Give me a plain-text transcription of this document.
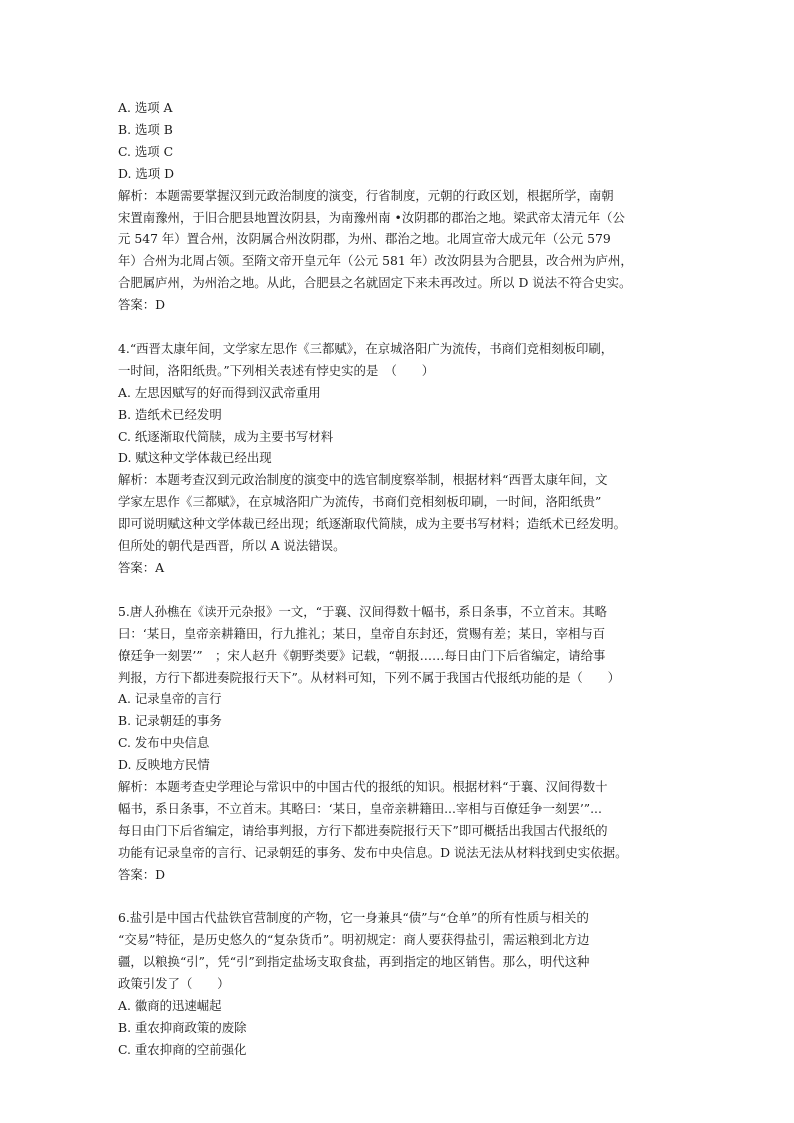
A. 选项 A
B. 选项 B
C. 选项 C
D. 选项 D
解析：本题需要掌握汉到元政治制度的演变，行省制度，元朝的行政区划，根据所学，南朝
宋置南豫州，于旧合肥县地置汝阴县，为南豫州南 •汝阴郡的郡治之地。梁武帝太清元年（公
元 547 年）置合州，汝阴属合州汝阴郡，为州、郡治之地。北周宣帝大成元年（公元 579
年）合州为北周占领。至隋文帝开皇元年（公元 581 年）改汝阴县为合肥县，改合州为庐州，
合肥属庐州，为州治之地。从此，合肥县之名就固定下来未再改过。所以 D 说法不符合史实。
答案：D
4.“西晋太康年间，文学家左思作《三都赋》，在京城洛阳广为流传，书商们竞相刻板印刷，
一时间，洛阳纸贵。”下列相关表述有悖史实的是　（　　）
A. 左思因赋写的好而得到汉武帝重用
B. 造纸术已经发明
C. 纸逐渐取代简牍，成为主要书写材料
D. 赋这种文学体裁已经出现
解析：本题考查汉到元政治制度的演变中的选官制度察举制，根据材料“西晋太康年间，文
学家左思作《三都赋》，在京城洛阳广为流传，书商们竞相刻板印刷，一时间，洛阳纸贵”
即可说明赋这种文学体裁已经出现；纸逐渐取代简牍，成为主要书写材料；造纸术已经发明。
但所处的朝代是西晋，所以 A 说法错误。
答案：A
5.唐人孙樵在《读开元杂报》一文，“于襄、汉间得数十幅书，系日条事，不立首末。其略
曰：‘某日，皇帝亲耕籍田，行九推礼；某日，皇帝自东封还，赏赐有差；某日，宰相与百
僚廷争一刻罢’”　；宋人赵升《朝野类要》记载，“朝报……每日由门下后省编定，请给事
判报，方行下都进奏院报行天下”。从材料可知，下列不属于我国古代报纸功能的是（　　）
A. 记录皇帝的言行
B. 记录朝廷的事务
C. 发布中央信息
D. 反映地方民情
解析：本题考查史学理论与常识中的中国古代的报纸的知识。根据材料“于襄、汉间得数十
幅书，系日条事，不立首末。其略曰：‘某日，皇帝亲耕籍田...宰相与百僚廷争一刻罢’”...
每日由门下后省编定，请给事判报，方行下都进奏院报行天下”即可概括出我国古代报纸的
功能有记录皇帝的言行、记录朝廷的事务、发布中央信息。D 说法无法从材料找到史实依据。
答案：D
6.盐引是中国古代盐铁官营制度的产物，它一身兼具“债”与“仓单”的所有性质与相关的
“交易”特征，是历史悠久的“复杂货币”。明初规定：商人要获得盐引，需运粮到北方边
疆，以粮换“引”，凭“引”到指定盐场支取食盐，再到指定的地区销售。那么，明代这种
政策引发了（　　）
A. 徽商的迅速崛起
B. 重农抑商政策的废除
C. 重农抑商的空前强化
